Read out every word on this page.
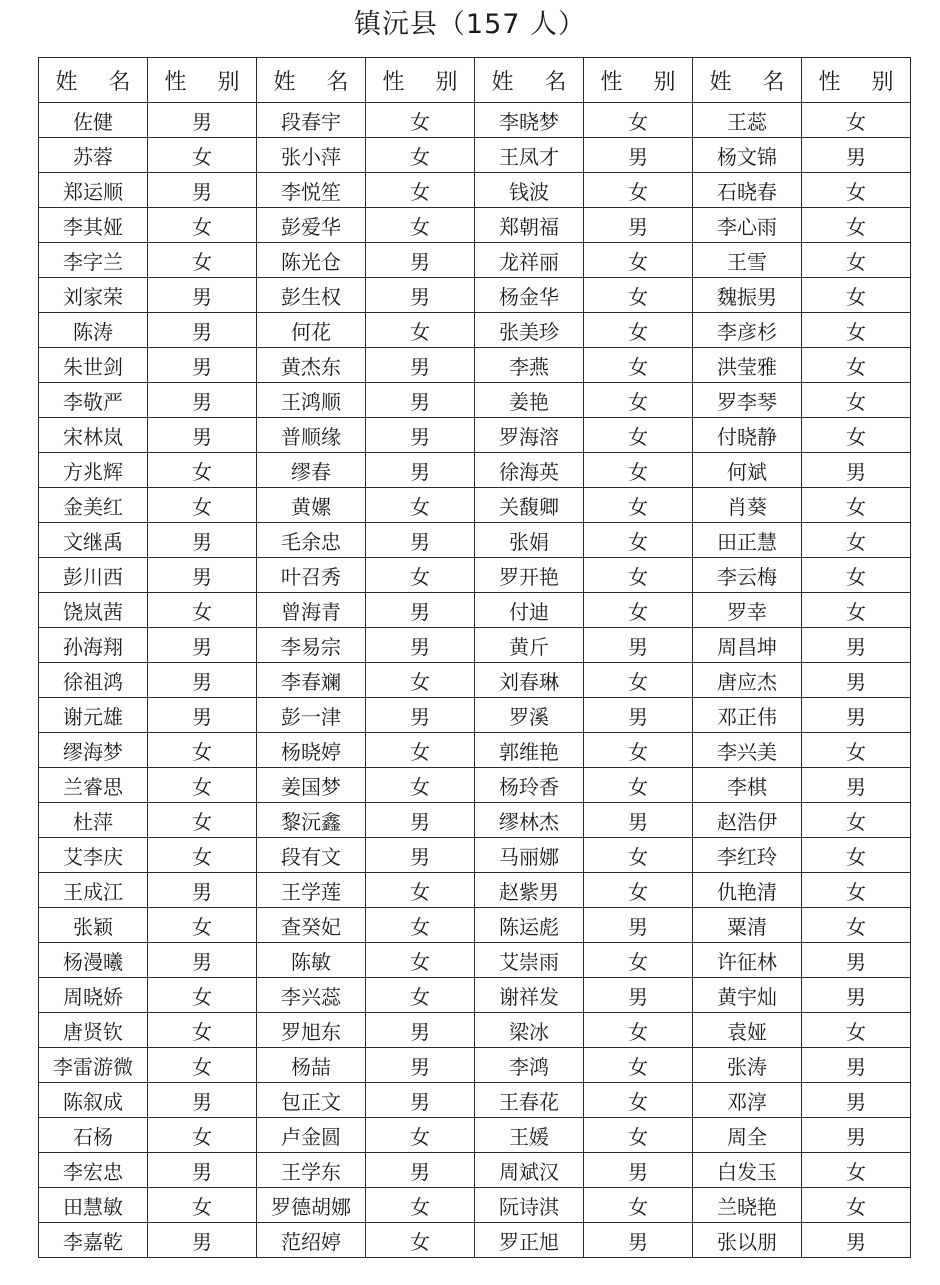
镇沅县（157 人）
姓 名	性 别	姓 名	性 别	姓 名	性 别	姓 名	性 别
佐健	男	段春宇	女	李晓梦	女	王蕊	女
苏蓉	女	张小萍	女	王凤才	男	杨文锦	男
郑运顺	男	李悦笙	女	钱波	女	石晓春	女
李其娅	女	彭爱华	女	郑朝福	男	李心雨	女
李字兰	女	陈光仓	男	龙祥丽	女	王雪	女
刘家荣	男	彭生权	男	杨金华	女	魏振男	女
陈涛	男	何花	女	张美珍	女	李彦杉	女
朱世剑	男	黄杰东	男	李燕	女	洪莹雅	女
李敬严	男	王鸿顺	男	姜艳	女	罗李琴	女
宋林岚	男	普顺缘	男	罗海溶	女	付晓静	女
方兆辉	女	缪春	男	徐海英	女	何斌	男
金美红	女	黄嫘	女	关馥卿	女	肖葵	女
文继禹	男	毛余忠	男	张娟	女	田正慧	女
彭川西	男	叶召秀	女	罗开艳	女	李云梅	女
饶岚茜	女	曾海青	男	付迪	女	罗幸	女
孙海翔	男	李易宗	男	黄斤	男	周昌坤	男
徐祖鸿	男	李春斓	女	刘春琳	女	唐应杰	男
谢元雄	男	彭一津	男	罗溪	男	邓正伟	男
缪海梦	女	杨晓婷	女	郭维艳	女	李兴美	女
兰睿思	女	姜国梦	女	杨玲香	女	李棋	男
杜萍	女	黎沅鑫	男	缪林杰	男	赵浩伊	女
艾李庆	女	段有文	男	马丽娜	女	李红玲	女
王成江	男	王学莲	女	赵紫男	女	仇艳清	女
张颖	女	查癸妃	女	陈运彪	男	粟清	女
杨漫曦	男	陈敏	女	艾崇雨	女	许征林	男
周晓娇	女	李兴蕊	女	谢祥发	男	黄宇灿	男
唐贤钦	女	罗旭东	男	梁冰	女	袁娅	女
李雷游微	女	杨喆	男	李鸿	女	张涛	男
陈叙成	男	包正文	男	王春花	女	邓淳	男
石杨	女	卢金圆	女	王媛	女	周全	男
李宏忠	男	王学东	男	周斌汉	男	白发玉	女
田慧敏	女	罗德胡娜	女	阮诗淇	女	兰晓艳	女
李嘉乾	男	范绍婷	女	罗正旭	男	张以朋	男
